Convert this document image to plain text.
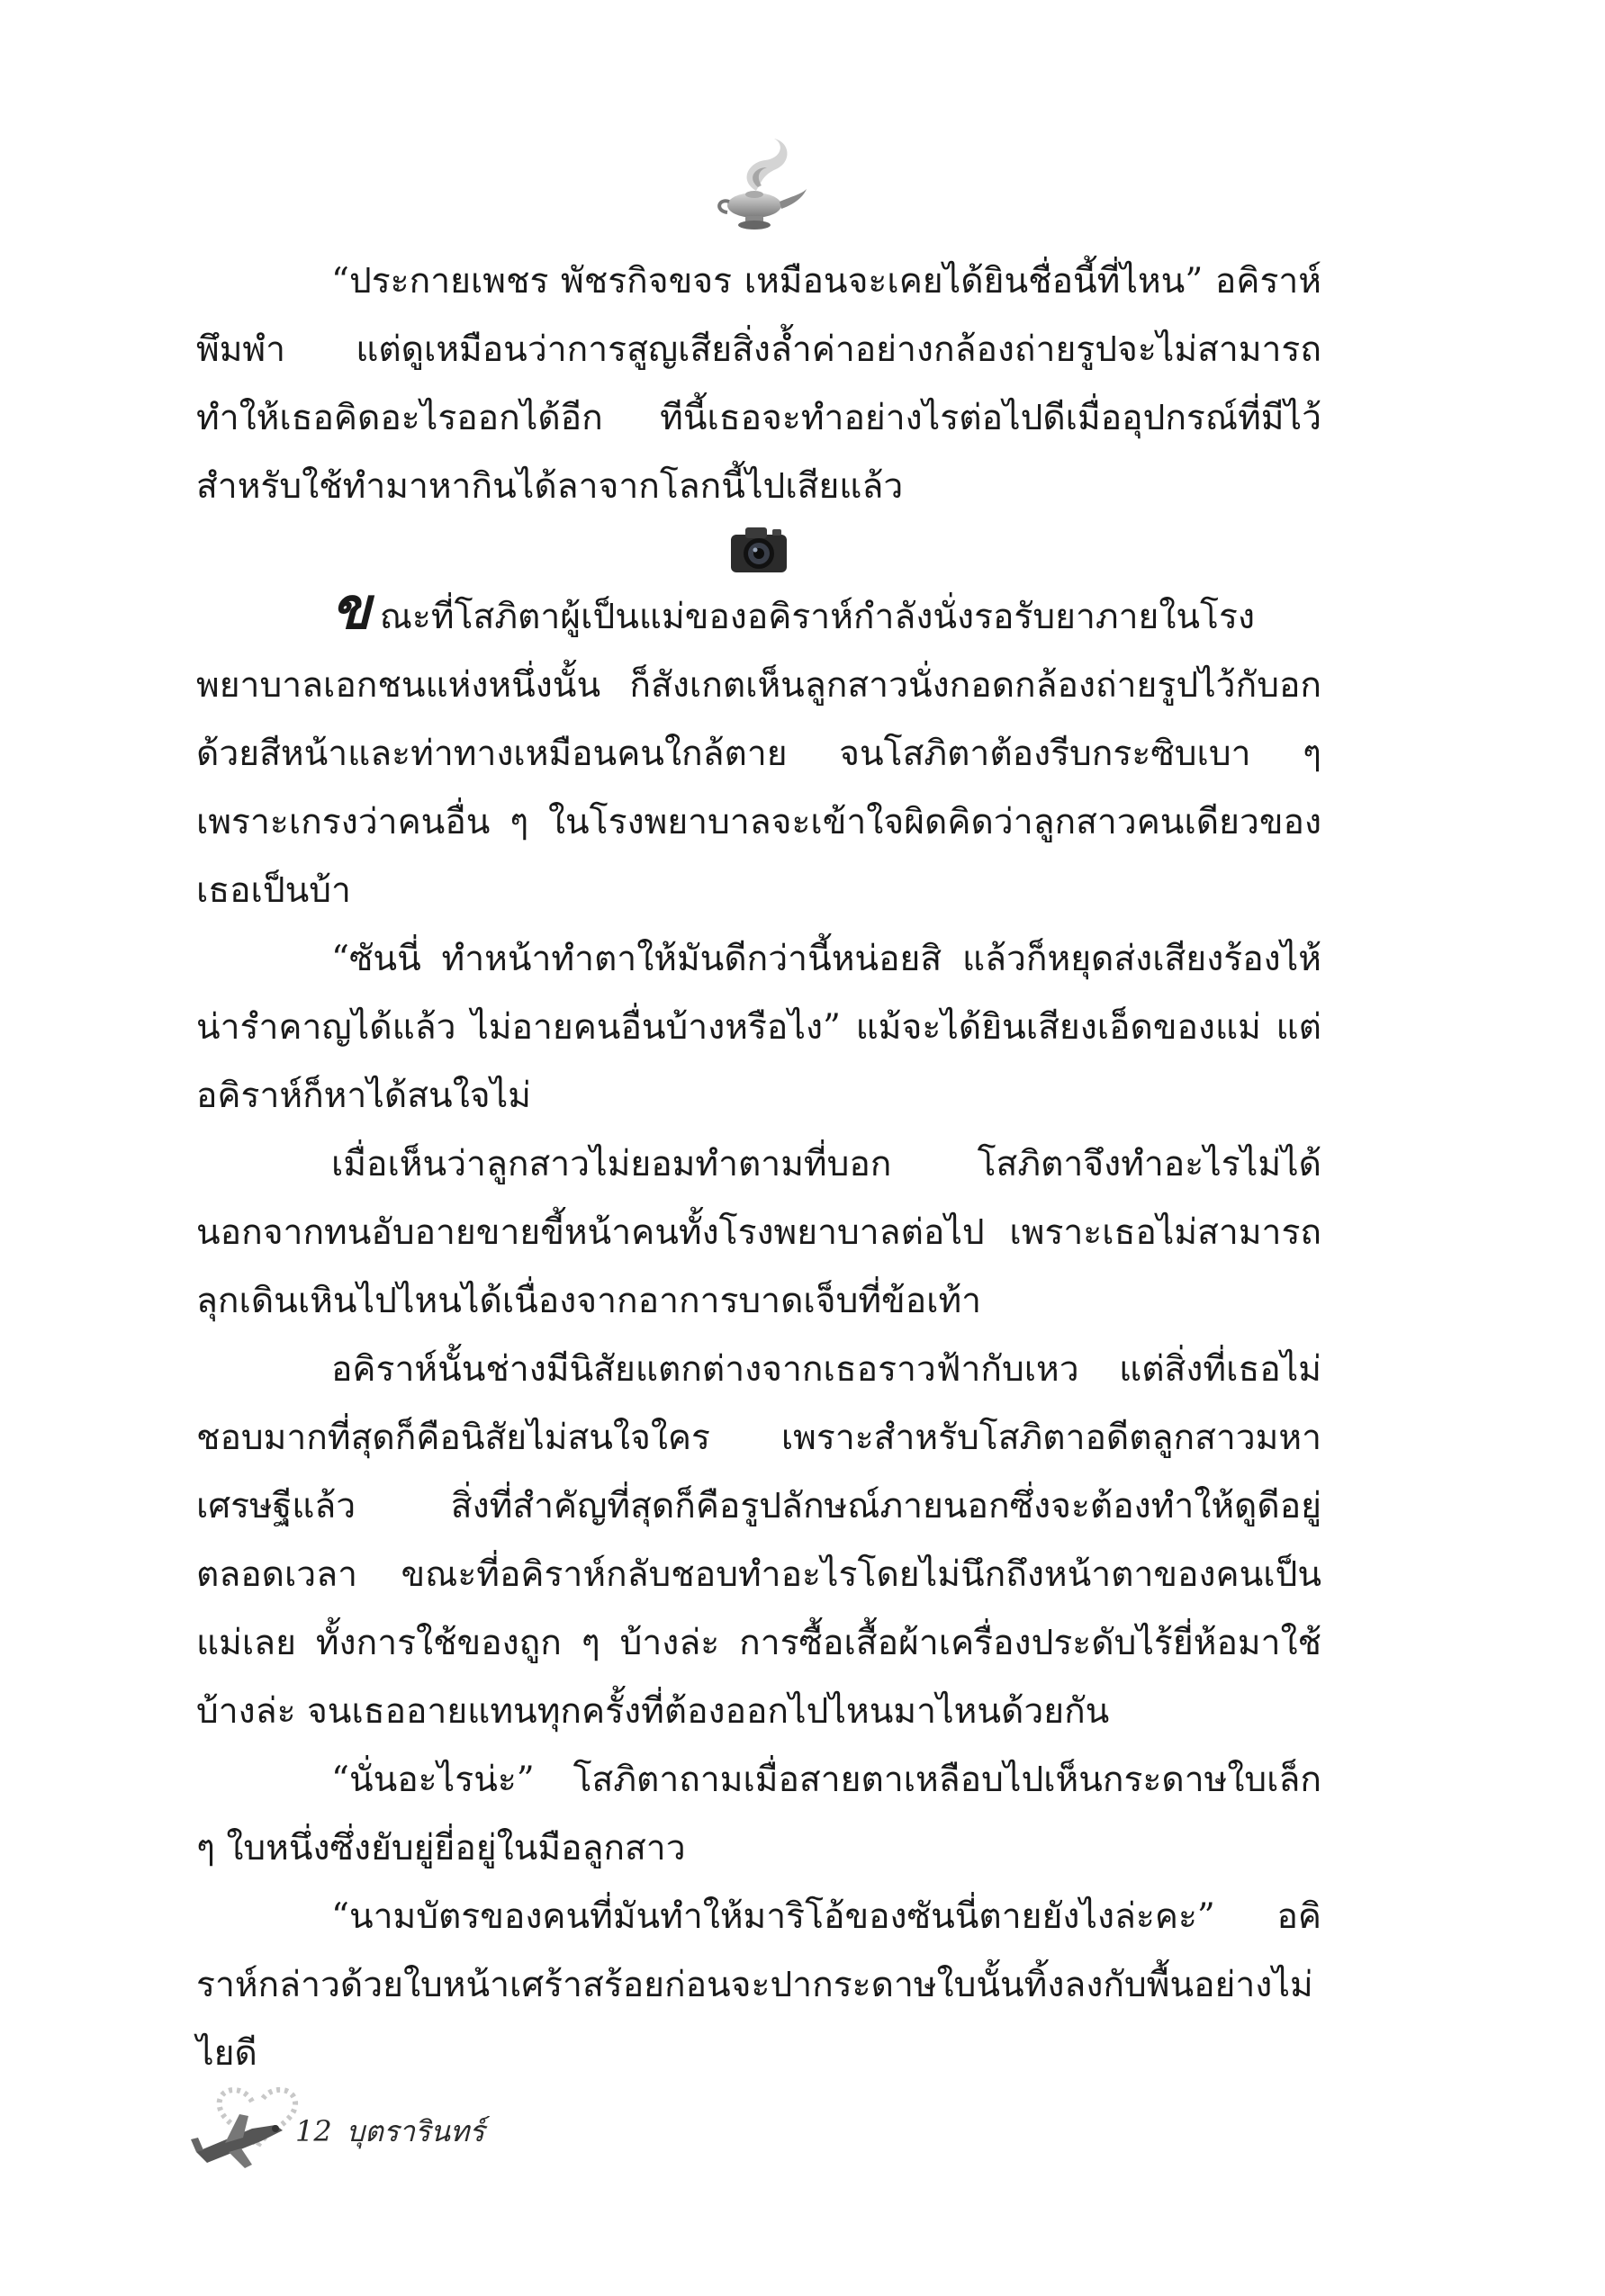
“ประกายเพชร พัชรกิจขจร เหมือนจะเคยได้ยินชื่อนี้ที่ไหน” อคิราห์พึมพำ แต่ดูเหมือนว่าการสูญเสียสิ่งล้ำค่าอย่างกล้องถ่ายรูปจะไม่สามารถทำให้เธอคิดอะไรออกได้อีก ทีนี้เธอจะทำอย่างไรต่อไปดีเมื่ออุปกรณ์ที่มีไว้สำหรับใช้ทำมาหากินได้ลาจากโลกนี้ไปเสียแล้ว

ขณะที่โสภิตาผู้เป็นแม่ของอคิราห์กำลังนั่งรอรับยาภายในโรงพยาบาลเอกชนแห่งหนึ่งนั้น ก็สังเกตเห็นลูกสาวนั่งกอดกล้องถ่ายรูปไว้กับอกด้วยสีหน้าและท่าทางเหมือนคนใกล้ตาย จนโสภิตาต้องรีบกระซิบเบา ๆ เพราะเกรงว่าคนอื่น ๆ ในโรงพยาบาลจะเข้าใจผิดคิดว่าลูกสาวคนเดียวของเธอเป็นบ้า

“ซันนี่ ทำหน้าทำตาให้มันดีกว่านี้หน่อยสิ แล้วก็หยุดส่งเสียงร้องไห้น่ารำคาญได้แล้ว ไม่อายคนอื่นบ้างหรือไง” แม้จะได้ยินเสียงเอ็ดของแม่ แต่อคิราห์ก็หาได้สนใจไม่

เมื่อเห็นว่าลูกสาวไม่ยอมทำตามที่บอก โสภิตาจึงทำอะไรไม่ได้นอกจากทนอับอายขายขี้หน้าคนทั้งโรงพยาบาลต่อไป เพราะเธอไม่สามารถลุกเดินเหินไปไหนได้เนื่องจากอาการบาดเจ็บที่ข้อเท้า

อคิราห์นั้นช่างมีนิสัยแตกต่างจากเธอราวฟ้ากับเหว แต่สิ่งที่เธอไม่ชอบมากที่สุดก็คือนิสัยไม่สนใจใคร เพราะสำหรับโสภิตาอดีตลูกสาวมหาเศรษฐีแล้ว สิ่งที่สำคัญที่สุดก็คือรูปลักษณ์ภายนอกซึ่งจะต้องทำให้ดูดีอยู่ตลอดเวลา ขณะที่อคิราห์กลับชอบทำอะไรโดยไม่นึกถึงหน้าตาของคนเป็นแม่เลย ทั้งการใช้ของถูก ๆ บ้างล่ะ การซื้อเสื้อผ้าเครื่องประดับไร้ยี่ห้อมาใช้บ้างล่ะ จนเธออายแทนทุกครั้งที่ต้องออกไปไหนมาไหนด้วยกัน

“นั่นอะไรน่ะ” โสภิตาถามเมื่อสายตาเหลือบไปเห็นกระดาษใบเล็ก ๆ ใบหนึ่งซึ่งยับยู่ยี่อยู่ในมือลูกสาว

“นามบัตรของคนที่มันทำให้มาริโอ้ของซันนี่ตายยังไงล่ะคะ” อคิราห์กล่าวด้วยใบหน้าเศร้าสร้อยก่อนจะปากระดาษใบนั้นทิ้งลงกับพื้นอย่างไม่ไยดี

12 บุตรารินทร์
